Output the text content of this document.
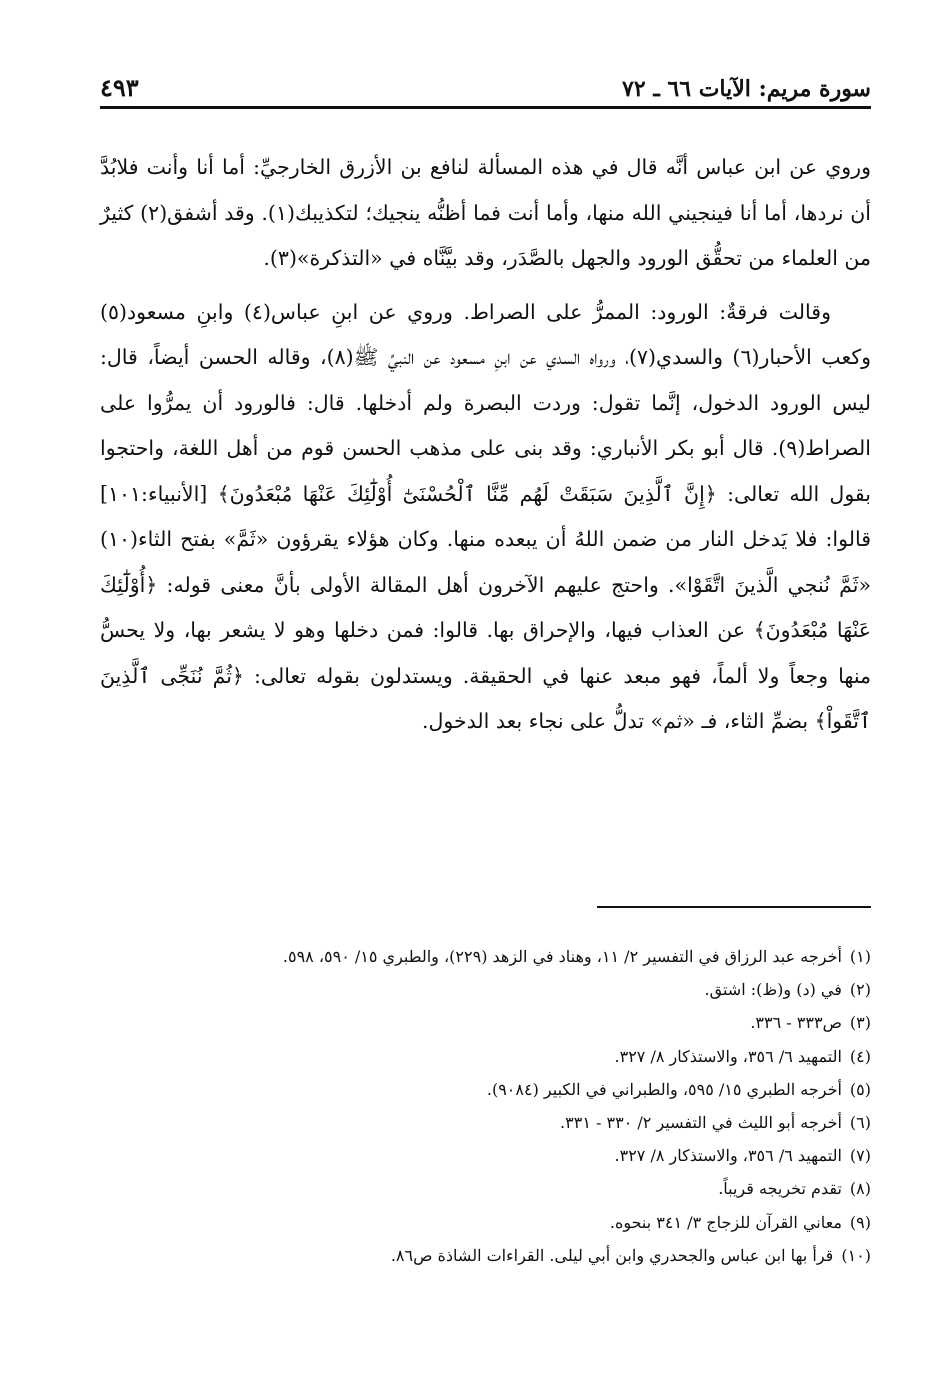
سورة مريم: الآيات ٦٦ ـ ٧٢
٤٩٣

وروي عن ابن عباس أنَّه قال في هذه المسألة لنافع بن الأزرق الخارجيِّ: أما أنا وأنت فلابُدَّ أن نردها، أما أنا فينجيني الله منها، وأما أنت فما أظنُّه ينجيك؛ لتكذيبك(١). وقد أشفق(٢) كثيرٌ من العلماء من تحقُّق الورود والجهل بالصَّدَر، وقد بيَّنَّاه في «التذكرة»(٣).

وقالت فرقةٌ: الورود: الممرُّ على الصراط. وروي عن ابنِ عباس(٤) وابنِ مسعود(٥) وكعب الأحبار(٦) والسدي(٧)، ورواه السدي عن ابنِ مسعود عن النبيِّ ﷺ(٨)، وقاله الحسن أيضاً، قال: ليس الورود الدخول، إنَّما تقول: وردت البصرة ولم أدخلها. قال: فالورود أن يمرُّوا على الصراط(٩). قال أبو بكر الأنباري: وقد بنى على مذهب الحسن قوم من أهل اللغة، واحتجوا بقول الله تعالى: ﴿إِنَّ ٱلَّذِينَ سَبَقَتْ لَهُم مِّنَّا ٱلْحُسْنَىٰٓ أُوْلَٰٓئِكَ عَنْهَا مُبْعَدُونَ﴾ [الأنبياء:١٠١] قالوا: فلا يَدخل النار من ضمن اللهُ أن يبعده منها. وكان هؤلاء يقرؤون «ثَمَّ» بفتح الثاء(١٠) «ثَمَّ نُنجي الَّذينَ اتَّقَوْا». واحتج عليهم الآخرون أهل المقالة الأولى بأنَّ معنى قوله: ﴿أُوْلَٰٓئِكَ عَنْهَا مُبْعَدُونَ﴾ عن العذاب فيها، والإحراق بها. قالوا: فمن دخلها وهو لا يشعر بها، ولا يحسُّ منها وجعاً ولا ألماً، فهو مبعد عنها في الحقيقة. ويستدلون بقوله تعالى: ﴿ثُمَّ نُنَجِّى ٱلَّذِينَ ٱتَّقَواْ﴾ بضمِّ الثاء، فـ «ثم» تدلُّ على نجاء بعد الدخول.

(١)
أخرجه عبد الرزاق في التفسير ٢/ ١١، وهناد في الزهد (٢٢٩)، والطبري ١٥/ ٥٩٠، ٥٩٨.
(٢)
في (د) و(ظ): اشتق.
(٣)
ص٣٣٣ - ٣٣٦.
(٤)
التمهيد ٦/ ٣٥٦، والاستذكار ٨/ ٣٢٧.
(٥)
أخرجه الطبري ١٥/ ٥٩٥، والطبراني في الكبير (٩٠٨٤).
(٦)
أخرجه أبو الليث في التفسير ٢/ ٣٣٠ - ٣٣١.
(٧)
التمهيد ٦/ ٣٥٦، والاستذكار ٨/ ٣٢٧.
(٨)
تقدم تخريجه قريباً.
(٩)
معاني القرآن للزجاج ٣/ ٣٤١ بنحوه.
(١٠)
قرأ بها ابن عباس والجحدري وابن أبي ليلى. القراءات الشاذة ص٨٦.
